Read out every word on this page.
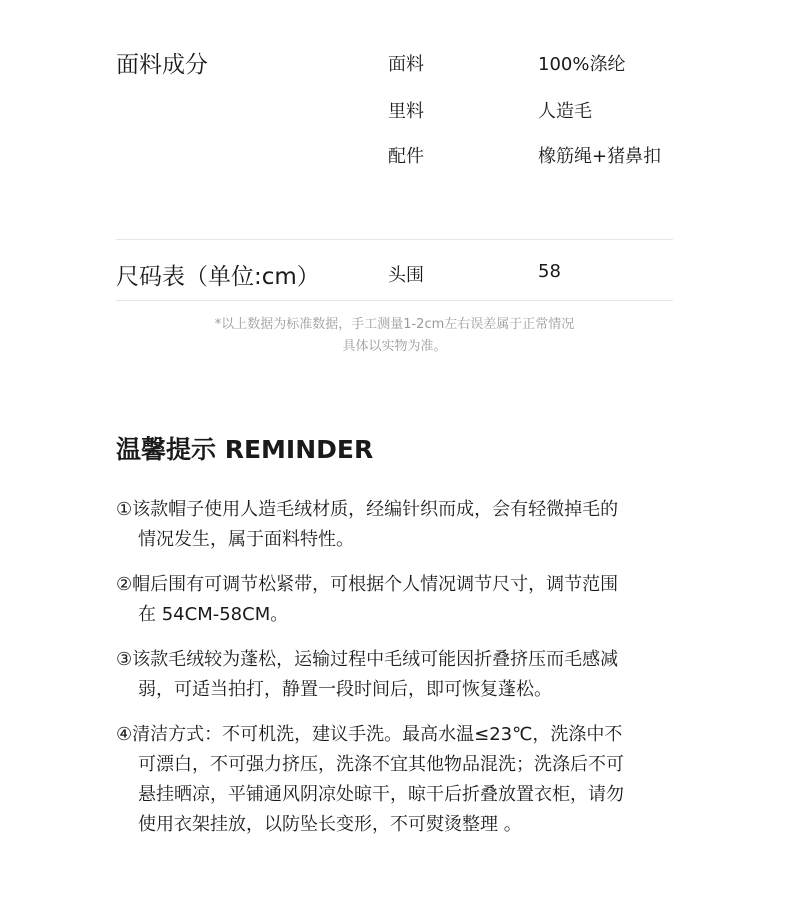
面料成分	面料	100%涤纶
里料	人造毛
配件	橡筋绳+猪鼻扣
尺码表（单位:cm）	头围	58
*以上数据为标准数据，手工测量1-2cm左右误差属于正常情况
具体以实物为准。
温馨提示 REMINDER
①该款帽子使用人造毛绒材质，经编针织而成，会有轻微掉毛的
情况发生，属于面料特性。
②帽后围有可调节松紧带，可根据个人情况调节尺寸，调节范围
在 54CM-58CM。
③该款毛绒较为蓬松，运输过程中毛绒可能因折叠挤压而毛感减
弱，可适当拍打，静置一段时间后，即可恢复蓬松。
④清洁方式：不可机洗，建议手洗。最高水温≤23℃，洗涤中不
可漂白，不可强力挤压，洗涤不宜其他物品混洗；洗涤后不可
悬挂晒凉，平铺通风阴凉处晾干，晾干后折叠放置衣柜，请勿
使用衣架挂放，以防坠长变形，不可熨烫整理 。
